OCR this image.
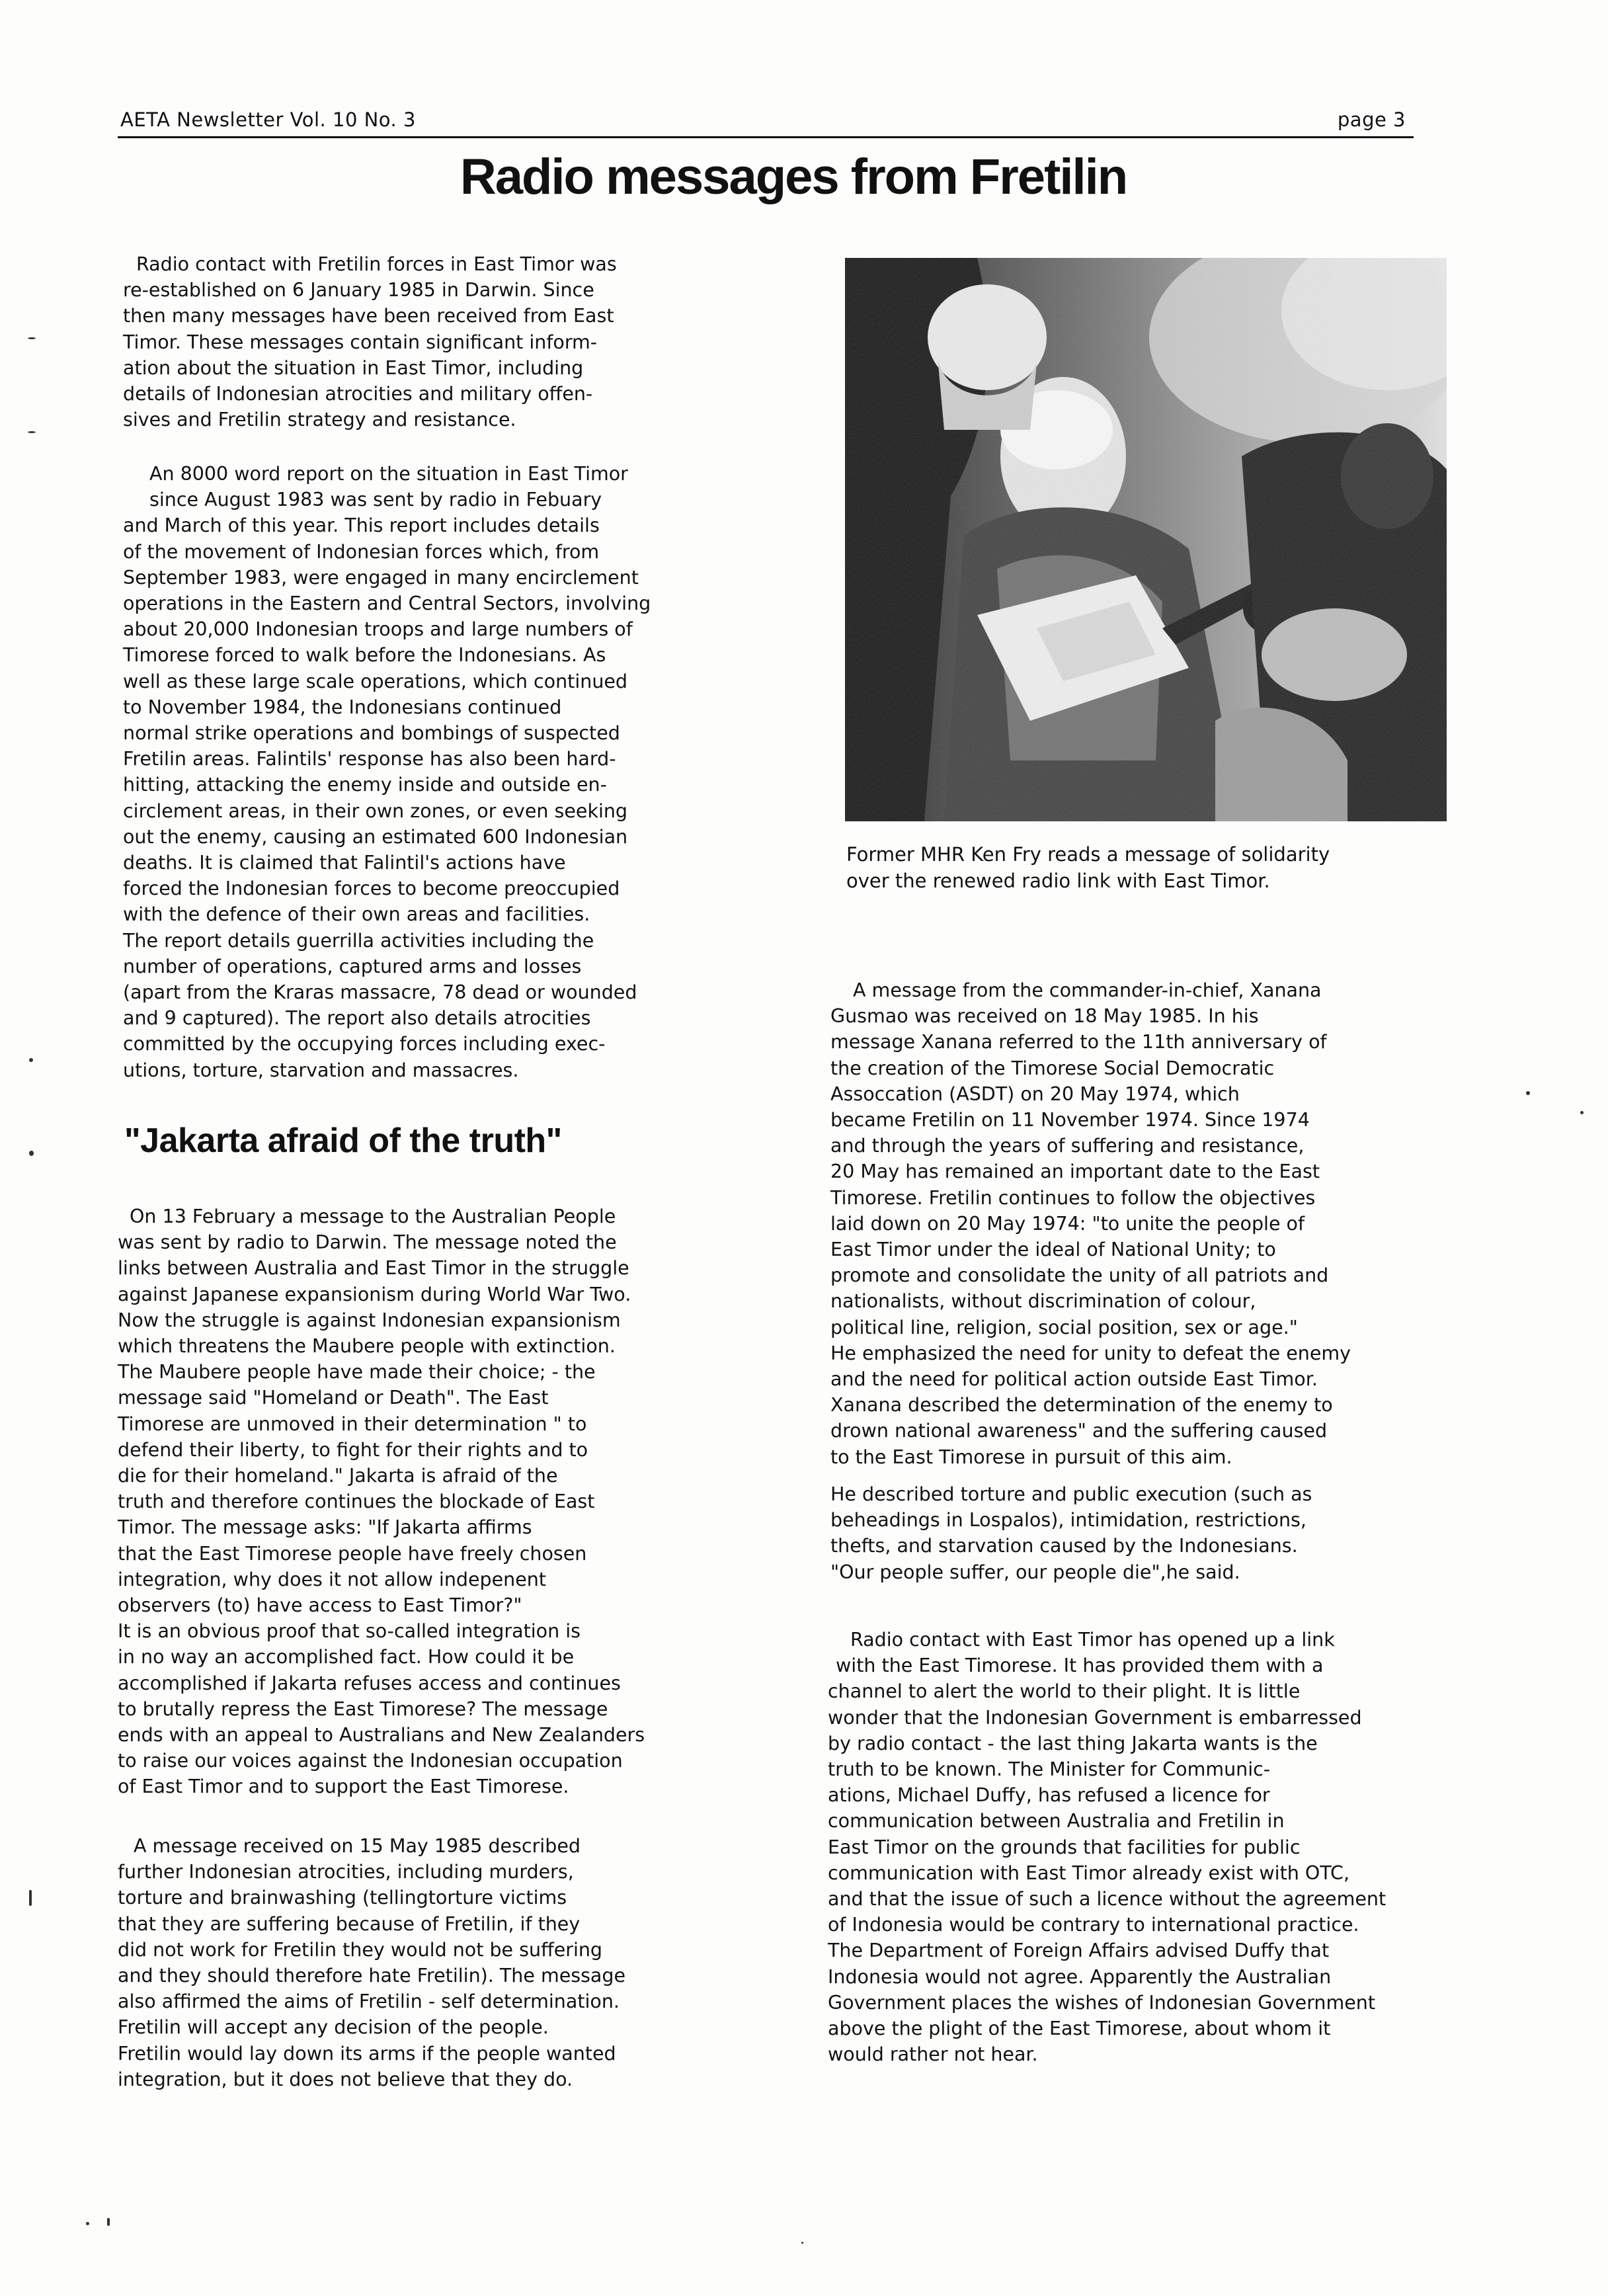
AETA Newsletter Vol. 10 No. 3	page 3
Radio messages from Fretilin
Radio contact with Fretilin forces in East Timor was
re-established on 6 January 1985 in Darwin. Since
then many messages have been received from East
Timor. These messages contain significant inform-
ation about the situation in East Timor, including
details of Indonesian atrocities and military offen-
sives and Fretilin strategy and resistance.
An 8000 word report on the situation in East Timor
since August 1983 was sent by radio in Febuary
and March of this year. This report includes details
of the movement of Indonesian forces which, from
September 1983, were engaged in many encirclement
operations in the Eastern and Central Sectors, involving
about 20,000 Indonesian troops and large numbers of
Timorese forced to walk before the Indonesians. As
well as these large scale operations, which continued
to November 1984, the Indonesians continued
normal strike operations and bombings of suspected
Fretilin areas. Falintils' response has also been hard-
hitting, attacking the enemy inside and outside en-
circlement areas, in their own zones, or even seeking
out the enemy, causing an estimated 600 Indonesian
deaths. It is claimed that Falintil's actions have
forced the Indonesian forces to become preoccupied
with the defence of their own areas and facilities.
The report details guerrilla activities including the
number of operations, captured arms and losses
(apart from the Kraras massacre, 78 dead or wounded
and 9 captured). The report also details atrocities
committed by the occupying forces including exec-
utions, torture, starvation and massacres.
"Jakarta afraid of the truth"
On 13 February a message to the Australian People
was sent by radio to Darwin. The message noted the
links between Australia and East Timor in the struggle
against Japanese expansionism during World War Two.
Now the struggle is against Indonesian expansionism
which threatens the Maubere people with extinction.
The Maubere people have made their choice; - the
message said "Homeland or Death". The East
Timorese are unmoved in their determination " to
defend their liberty, to fight for their rights and to
die for their homeland." Jakarta is afraid of the
truth and therefore continues the blockade of East
Timor. The message asks: "If Jakarta affirms
that the East Timorese people have freely chosen
integration, why does it not allow indepenent
observers (to) have access to East Timor?"
It is an obvious proof that so-called integration is
in no way an accomplished fact. How could it be
accomplished if Jakarta refuses access and continues
to brutally repress the East Timorese? The message
ends with an appeal to Australians and New Zealanders
to raise our voices against the Indonesian occupation
of East Timor and to support the East Timorese.
A message received on 15 May 1985 described
further Indonesian atrocities, including murders,
torture and brainwashing (tellingtorture victims
that they are suffering because of Fretilin, if they
did not work for Fretilin they would not be suffering
and they should therefore hate Fretilin). The message
also affirmed the aims of Fretilin - self determination.
Fretilin will accept any decision of the people.
Fretilin would lay down its arms if the people wanted
integration, but it does not believe that they do.
Former MHR Ken Fry reads a message of solidarity
over the renewed radio link with East Timor.
A message from the commander-in-chief, Xanana
Gusmao was received on 18 May 1985. In his
message Xanana referred to the 11th anniversary of
the creation of the Timorese Social Democratic
Assoccation (ASDT) on 20 May 1974, which
became Fretilin on 11 November 1974. Since 1974
and through the years of suffering and resistance,
20 May has remained an important date to the East
Timorese. Fretilin continues to follow the objectives
laid down on 20 May 1974: "to unite the people of
East Timor under the ideal of National Unity; to
promote and consolidate the unity of all patriots and
nationalists, without discrimination of colour,
political line, religion, social position, sex or age."
He emphasized the need for unity to defeat the enemy
and the need for political action outside East Timor.
Xanana described the determination of the enemy to
drown national awareness" and the suffering caused
to the East Timorese in pursuit of this aim.
He described torture and public execution (such as
beheadings in Lospalos), intimidation, restrictions,
thefts, and starvation caused by the Indonesians.
"Our people suffer, our people die",he said.
Radio contact with East Timor has opened up a link
with the East Timorese. It has provided them with a
channel to alert the world to their plight. It is little
wonder that the Indonesian Government is embarressed
by radio contact - the last thing Jakarta wants is the
truth to be known. The Minister for Communic-
ations, Michael Duffy, has refused a licence for
communication between Australia and Fretilin in
East Timor on the grounds that facilities for public
communication with East Timor already exist with OTC,
and that the issue of such a licence without the agreement
of Indonesia would be contrary to international practice.
The Department of Foreign Affairs advised Duffy that
Indonesia would not agree. Apparently the Australian
Government places the wishes of Indonesian Government
above the plight of the East Timorese, about whom it
would rather not hear.
